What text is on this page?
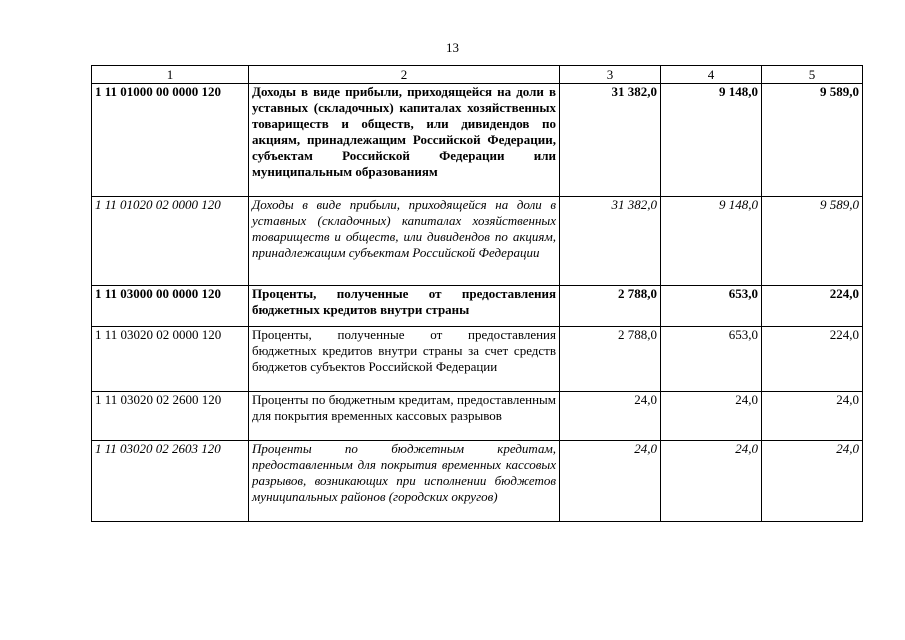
13
1	2	3	4	5
1 11 01000 00 0000 120	Доходы в виде прибыли, приходящейся на доли в уставных (складочных) капиталах хозяйственных товариществ и обществ, или дивидендов по акциям, принадлежащим Российской Федерации, субъектам Российской Федерации или муниципальным образованиям	31 382,0	9 148,0	9 589,0
1 11 01020 02 0000 120	Доходы в виде прибыли, приходящейся на доли в уставных (складочных) капиталах хозяйственных товариществ и обществ, или дивидендов по акциям, принадлежащим субъектам Российской Федерации	31 382,0	9 148,0	9 589,0
1 11 03000 00 0000 120	Проценты, полученные от предоставления бюджетных кредитов внутри страны	2 788,0	653,0	224,0
1 11 03020 02 0000 120	Проценты, полученные от предоставления бюджетных кредитов внутри страны за счет средств бюджетов субъектов Российской Федерации	2 788,0	653,0	224,0
1 11 03020 02 2600 120	Проценты по бюджетным кредитам, предоставленным для покрытия временных кассовых разрывов	24,0	24,0	24,0
1 11 03020 02 2603 120	Проценты по бюджетным кредитам, предоставленным для покрытия временных кассовых разрывов, возникающих при исполнении бюджетов муниципальных районов (городских округов)	24,0	24,0	24,0
